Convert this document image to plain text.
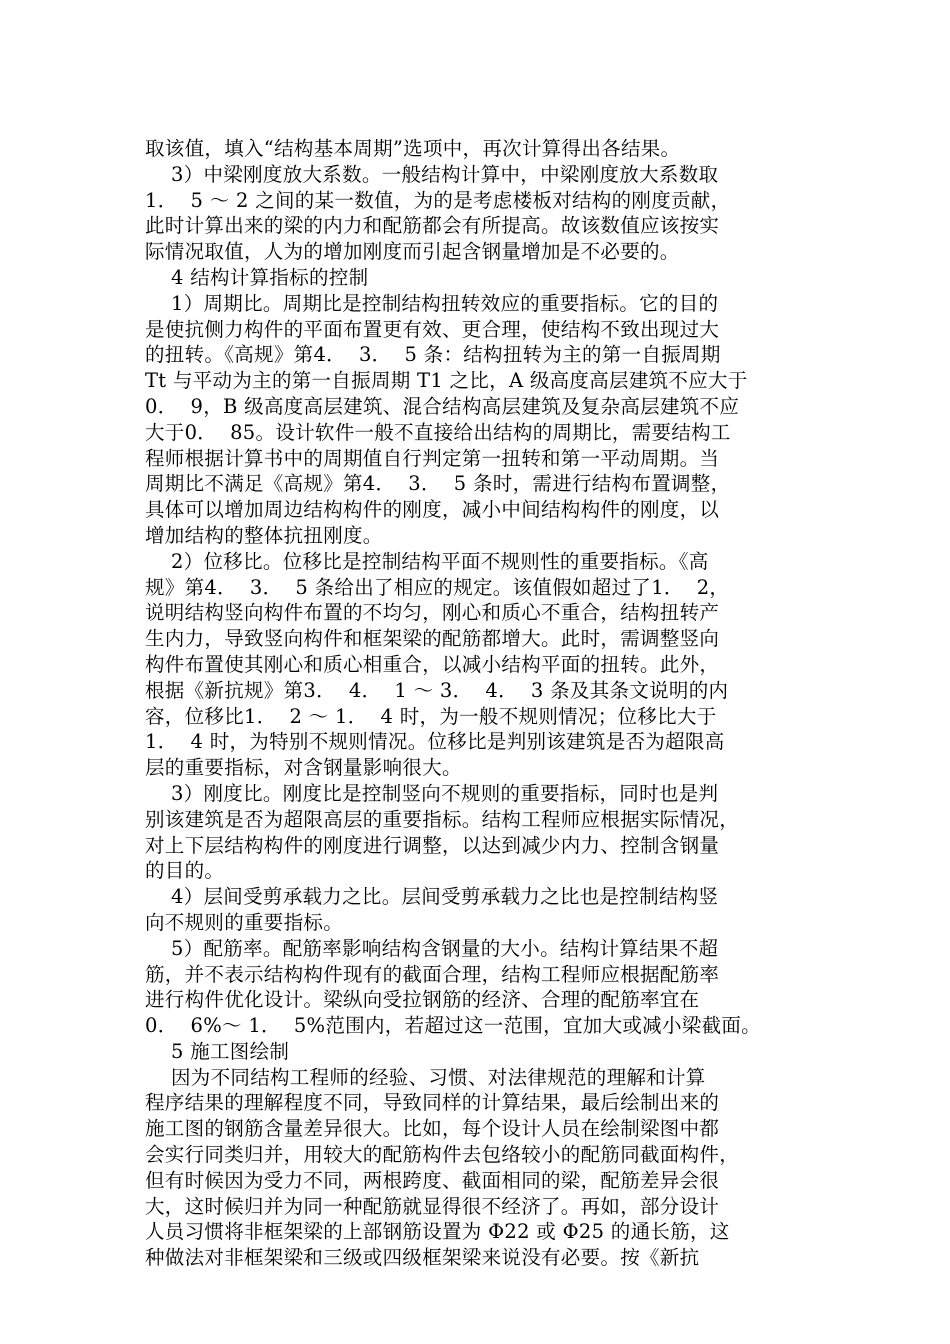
取该值，填入“结构基本周期”选项中，再次计算得出各结果。
3）中梁刚度放大系数。一般结构计算中，中梁刚度放大系数取
1．  5 ～ 2 之间的某一数值，为的是考虑楼板对结构的刚度贡献，
此时计算出来的梁的内力和配筋都会有所提高。故该数值应该按实
际情况取值，人为的增加刚度而引起含钢量增加是不必要的。
4 结构计算指标的控制
1）周期比。周期比是控制结构扭转效应的重要指标。它的目的
是使抗侧力构件的平面布置更有效、更合理，使结构不致出现过大
的扭转。《高规》第4．  3．  5 条：结构扭转为主的第一自振周期
Tt 与平动为主的第一自振周期 T1 之比，A 级高度高层建筑不应大于
0．  9，B 级高度高层建筑、混合结构高层建筑及复杂高层建筑不应
大于0．  85。设计软件一般不直接给出结构的周期比，需要结构工
程师根据计算书中的周期值自行判定第一扭转和第一平动周期。当
周期比不满足《高规》第4．  3．  5 条时，需进行结构布置调整，
具体可以增加周边结构构件的刚度，减小中间结构构件的刚度，以
增加结构的整体抗扭刚度。
2）位移比。位移比是控制结构平面不规则性的重要指标。《高
规》第4．  3．  5 条给出了相应的规定。该值假如超过了1．  2，
说明结构竖向构件布置的不均匀，刚心和质心不重合，结构扭转产
生内力，导致竖向构件和框架梁的配筋都增大。此时，需调整竖向
构件布置使其刚心和质心相重合，以减小结构平面的扭转。此外，
根据《新抗规》第3．  4．  1 ～ 3．  4．  3 条及其条文说明的内
容，位移比1．  2 ～ 1．  4 时，为一般不规则情况；位移比大于
1．  4 时，为特别不规则情况。位移比是判别该建筑是否为超限高
层的重要指标，对含钢量影响很大。
3）刚度比。刚度比是控制竖向不规则的重要指标，同时也是判
别该建筑是否为超限高层的重要指标。结构工程师应根据实际情况，
对上下层结构构件的刚度进行调整，以达到减少内力、控制含钢量
的目的。
4）层间受剪承载力之比。层间受剪承载力之比也是控制结构竖
向不规则的重要指标。
5）配筋率。配筋率影响结构含钢量的大小。结构计算结果不超
筋，并不表示结构构件现有的截面合理，结构工程师应根据配筋率
进行构件优化设计。梁纵向受拉钢筋的经济、合理的配筋率宜在
0．  6%～ 1．  5%范围内，若超过这一范围，宜加大或减小梁截面。
5 施工图绘制
因为不同结构工程师的经验、习惯、对法律规范的理解和计算
程序结果的理解程度不同，导致同样的计算结果，最后绘制出来的
施工图的钢筋含量差异很大。比如，每个设计人员在绘制梁图中都
会实行同类归并，用较大的配筋构件去包络较小的配筋同截面构件，
但有时候因为受力不同，两根跨度、截面相同的梁，配筋差异会很
大，这时候归并为同一种配筋就显得很不经济了。再如，部分设计
人员习惯将非框架梁的上部钢筋设置为 Φ22 或 Φ25 的通长筋，这
种做法对非框架梁和三级或四级框架梁来说没有必要。按《新抗
